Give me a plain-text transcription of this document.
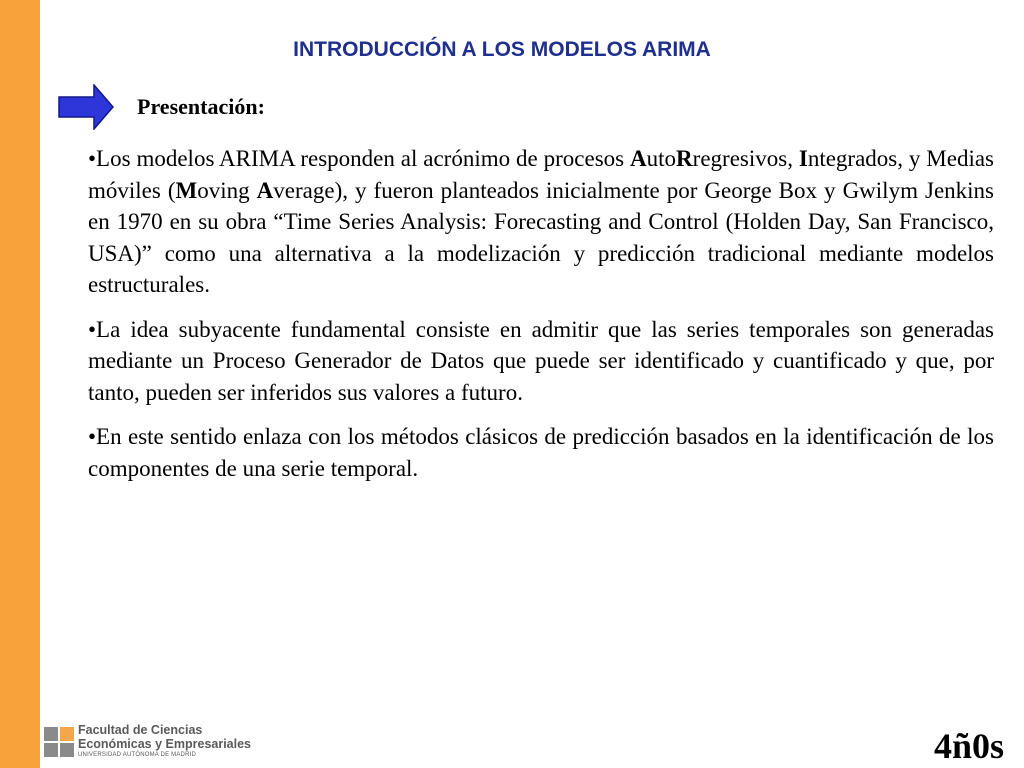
INTRODUCCIÓN A LOS MODELOS ARIMA
Presentación:

•Los modelos ARIMA responden al acrónimo de procesos AutoRregresivos, Integrados, y Medias móviles (Moving Average), y fueron planteados inicialmente por George Box y Gwilym Jenkins en 1970 en su obra “Time Series Analysis: Forecasting and Control (Holden Day, San Francisco, USA)” como una alternativa a la modelización y predicción tradicional mediante modelos estructurales.

•La idea subyacente fundamental consiste en admitir que las series temporales son generadas mediante un Proceso Generador de Datos que puede ser identificado y cuantificado y que, por tanto, pueden ser inferidos sus valores a futuro.

•En este sentido enlaza con los métodos clásicos de predicción basados en la identificación de los componentes de una serie temporal.

Facultad de Ciencias
Económicas y Empresariales
UNIVERSIDAD AUTÓNOMA DE MADRID	4ñ0s
